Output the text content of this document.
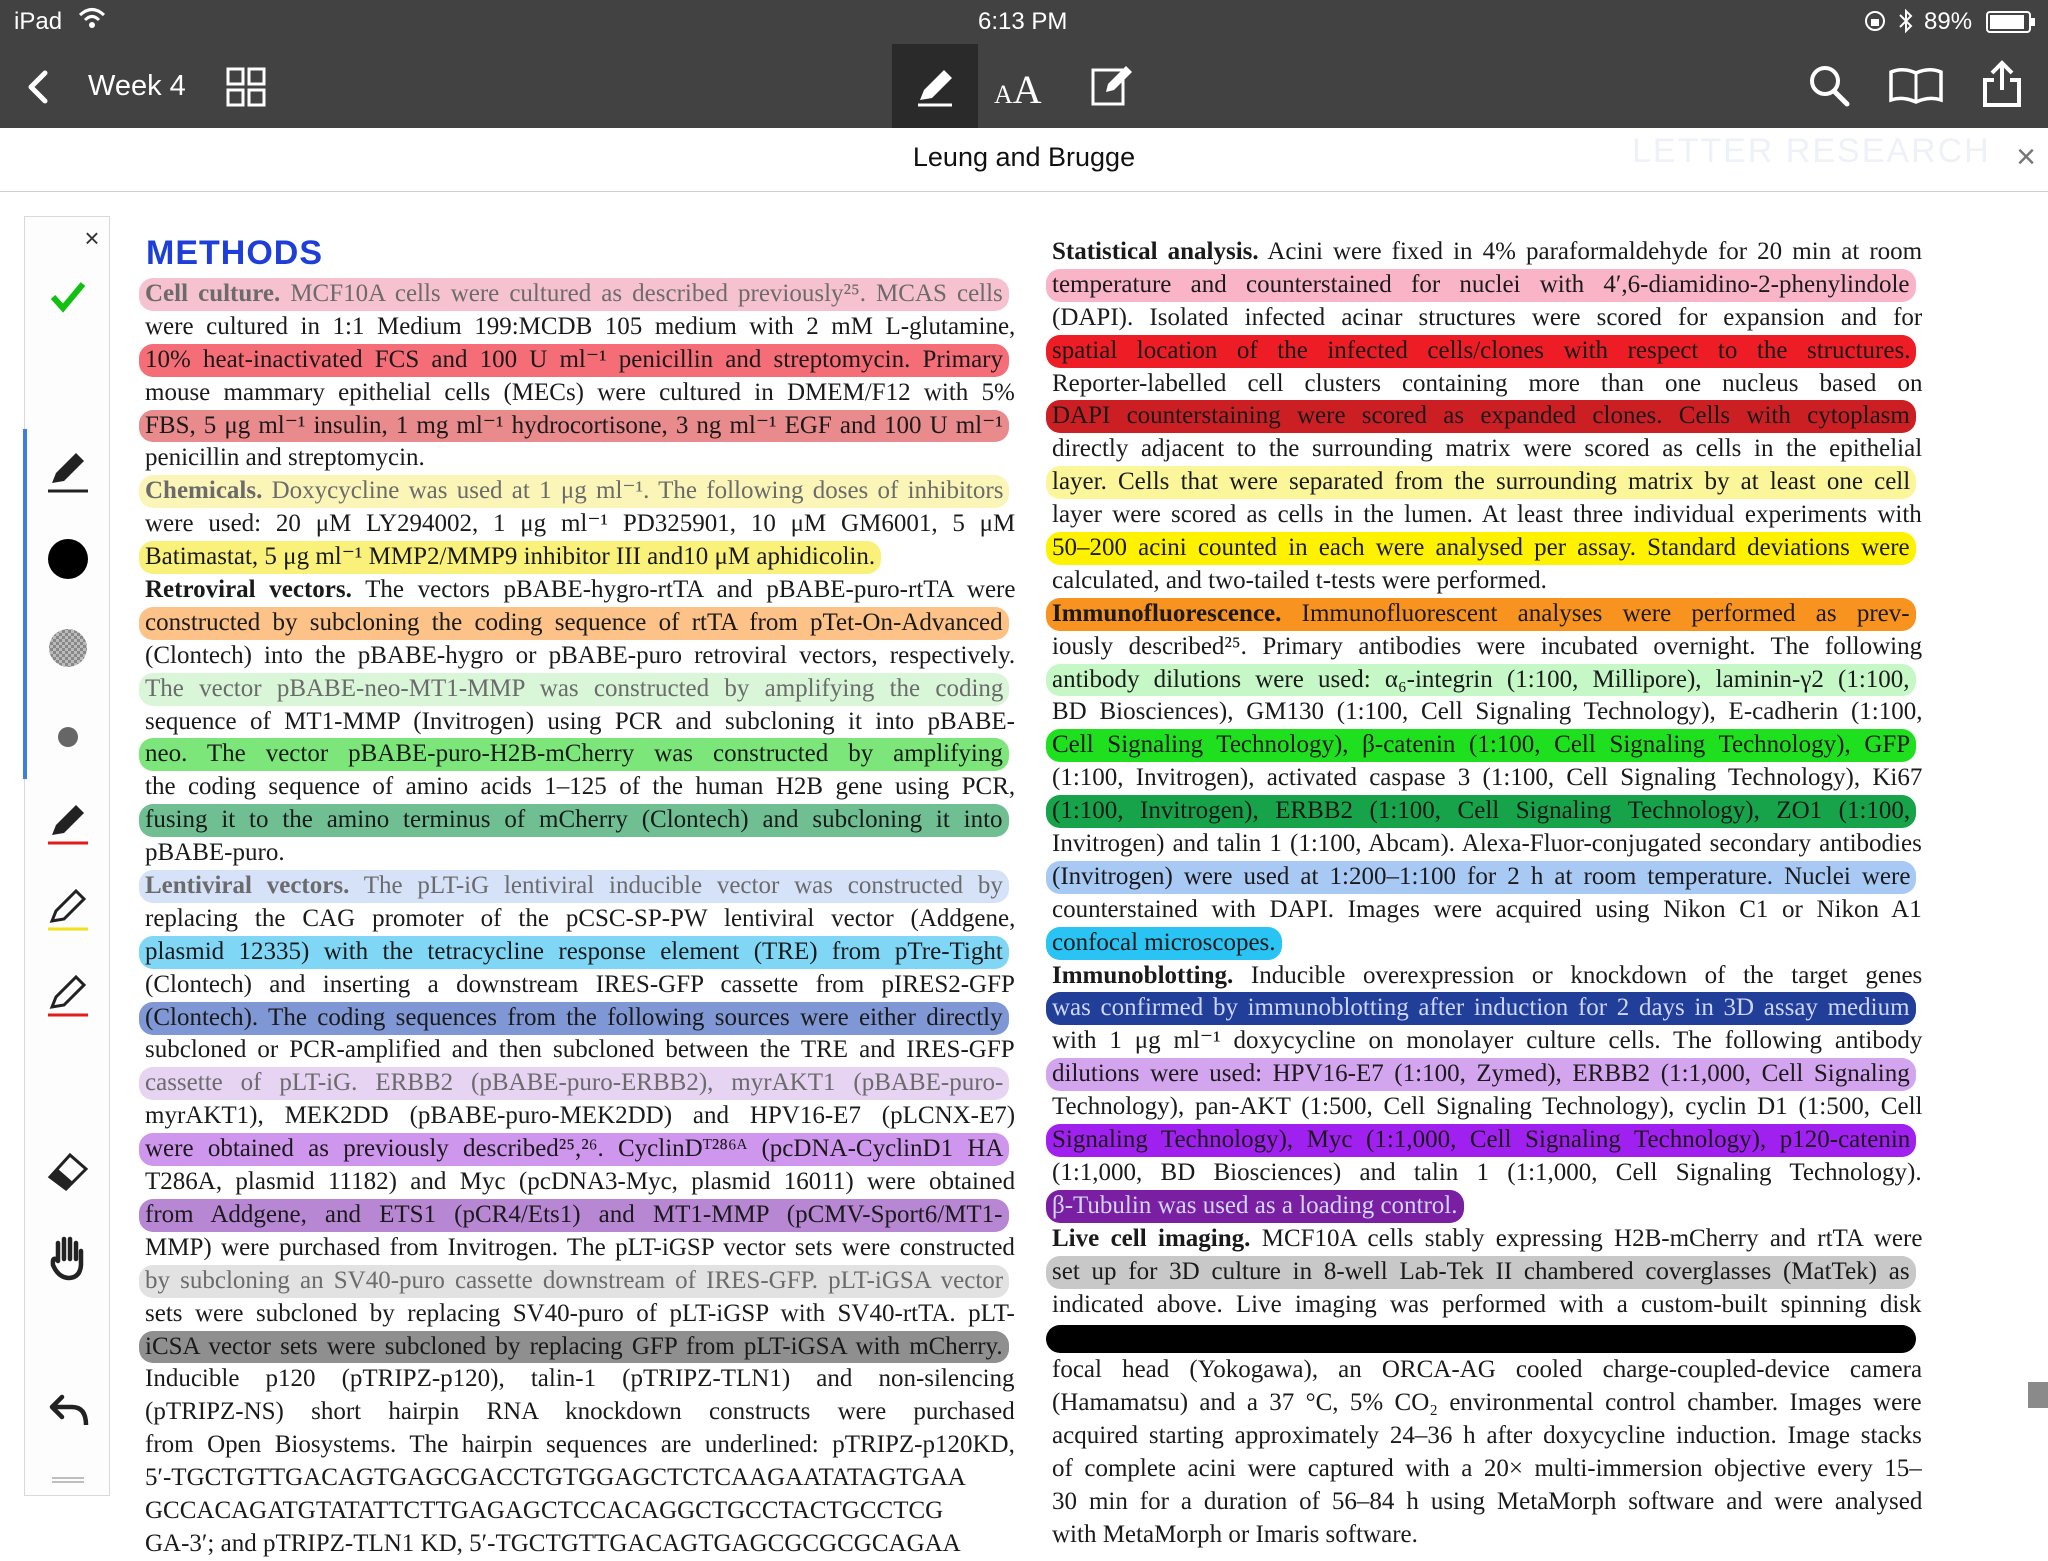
iPad	6:13 PM	89%
Week 4	AA
LETTER RESEARCH
Leung and Brugge	×
×	METHODS
Cell culture. MCF10A cells were cultured as described previously²⁵. MCAS cells
were cultured in 1:1 Medium 199:MCDB 105 medium with 2 mM L-glutamine,
10% heat-inactivated FCS and 100 U ml⁻¹ penicillin and streptomycin. Primary
mouse mammary epithelial cells (MECs) were cultured in DMEM/F12 with 5%
FBS, 5 μg ml⁻¹ insulin, 1 mg ml⁻¹ hydrocortisone, 3 ng ml⁻¹ EGF and 100 U ml⁻¹
penicillin and streptomycin.
Chemicals. Doxycycline was used at 1 μg ml⁻¹. The following doses of inhibitors
were used: 20 μM LY294002, 1 μg ml⁻¹ PD325901, 10 μM GM6001, 5 μM
Batimastat, 5 μg ml⁻¹ MMP2/MMP9 inhibitor III and10 μM aphidicolin.
Retroviral vectors. The vectors pBABE-hygro-rtTA and pBABE-puro-rtTA were
constructed by subcloning the coding sequence of rtTA from pTet-On-Advanced
(Clontech) into the pBABE-hygro or pBABE-puro retroviral vectors, respectively.
The vector pBABE-neo-MT1-MMP was constructed by amplifying the coding
sequence of MT1-MMP (Invitrogen) using PCR and subcloning it into pBABE-
neo. The vector pBABE-puro-H2B-mCherry was constructed by amplifying
the coding sequence of amino acids 1–125 of the human H2B gene using PCR,
fusing it to the amino terminus of mCherry (Clontech) and subcloning it into
pBABE-puro.
Lentiviral vectors. The pLT-iG lentiviral inducible vector was constructed by
replacing the CAG promoter of the pCSC-SP-PW lentiviral vector (Addgene,
plasmid 12335) with the tetracycline response element (TRE) from pTre-Tight
(Clontech) and inserting a downstream IRES-GFP cassette from pIRES2-GFP
(Clontech). The coding sequences from the following sources were either directly
subcloned or PCR-amplified and then subcloned between the TRE and IRES-GFP
cassette of pLT-iG. ERBB2 (pBABE-puro-ERBB2), myrAKT1 (pBABE-puro-
myrAKT1), MEK2DD (pBABE-puro-MEK2DD) and HPV16-E7 (pLCNX-E7)
were obtained as previously described²⁵,²⁶. CyclinDᵀ²⁸⁶ᴬ (pcDNA-CyclinD1 HA
T286A, plasmid 11182) and Myc (pcDNA3-Myc, plasmid 16011) were obtained
from Addgene, and ETS1 (pCR4/Ets1) and MT1-MMP (pCMV-Sport6/MT1-
MMP) were purchased from Invitrogen. The pLT-iGSP vector sets were constructed
by subcloning an SV40-puro cassette downstream of IRES-GFP. pLT-iGSA vector
sets were subcloned by replacing SV40-puro of pLT-iGSP with SV40-rtTA. pLT-
iCSA vector sets were subcloned by replacing GFP from pLT-iGSA with mCherry.
Inducible p120 (pTRIPZ-p120), talin-1 (pTRIPZ-TLN1) and non-silencing
(pTRIPZ-NS) short hairpin RNA knockdown constructs were purchased
from Open Biosystems. The hairpin sequences are underlined: pTRIPZ-p120KD,
5′-TGCTGTTGACAGTGAGCGACCTGTGGAGCTCTCAAGAATATAGTGAA
GCCACAGATGTATATTCTTGAGAGCTCCACAGGCTGCCTACTGCCTCG
GA-3′; and pTRIPZ-TLN1 KD, 5′-TGCTGTTGACAGTGAGCGCGCGCAGAA
Statistical analysis. Acini were fixed in 4% paraformaldehyde for 20 min at room
temperature and counterstained for nuclei with 4′,6-diamidino-2-phenylindole
(DAPI). Isolated infected acinar structures were scored for expansion and for
spatial location of the infected cells/clones with respect to the structures.
Reporter-labelled cell clusters containing more than one nucleus based on
DAPI counterstaining were scored as expanded clones. Cells with cytoplasm
directly adjacent to the surrounding matrix were scored as cells in the epithelial
layer. Cells that were separated from the surrounding matrix by at least one cell
layer were scored as cells in the lumen. At least three individual experiments with
50–200 acini counted in each were analysed per assay. Standard deviations were
calculated, and two-tailed t-tests were performed.
Immunofluorescence. Immunofluorescent analyses were performed as prev-
iously described²⁵. Primary antibodies were incubated overnight. The following
antibody dilutions were used: α₆-integrin (1:100, Millipore), laminin-γ2 (1:100,
BD Biosciences), GM130 (1:100, Cell Signaling Technology), E-cadherin (1:100,
Cell Signaling Technology), β-catenin (1:100, Cell Signaling Technology), GFP
(1:100, Invitrogen), activated caspase 3 (1:100, Cell Signaling Technology), Ki67
(1:100, Invitrogen), ERBB2 (1:100, Cell Signaling Technology), ZO1 (1:100,
Invitrogen) and talin 1 (1:100, Abcam). Alexa-Fluor-conjugated secondary antibodies
(Invitrogen) were used at 1:200–1:100 for 2 h at room temperature. Nuclei were
counterstained with DAPI. Images were acquired using Nikon C1 or Nikon A1
confocal microscopes.
Immunoblotting. Inducible overexpression or knockdown of the target genes
was confirmed by immunoblotting after induction for 2 days in 3D assay medium
with 1 μg ml⁻¹ doxycycline on monolayer culture cells. The following antibody
dilutions were used: HPV16-E7 (1:100, Zymed), ERBB2 (1:1,000, Cell Signaling
Technology), pan-AKT (1:500, Cell Signaling Technology), cyclin D1 (1:500, Cell
Signaling Technology), Myc (1:1,000, Cell Signaling Technology), p120-catenin
(1:1,000, BD Biosciences) and talin 1 (1:1,000, Cell Signaling Technology).
β-Tubulin was used as a loading control.
Live cell imaging. MCF10A cells stably expressing H2B-mCherry and rtTA were
set up for 3D culture in 8-well Lab-Tek II chambered coverglasses (MatTek) as
indicated above. Live imaging was performed with a custom-built spinning disk
focal head (Yokogawa), an ORCA-AG cooled charge-coupled-device camera
(Hamamatsu) and a 37 °C, 5% CO₂ environmental control chamber. Images were
acquired starting approximately 24–36 h after doxycycline induction. Image stacks
of complete acini were captured with a 20× multi-immersion objective every 15–
30 min for a duration of 56–84 h using MetaMorph software and were analysed
with MetaMorph or Imaris software.
